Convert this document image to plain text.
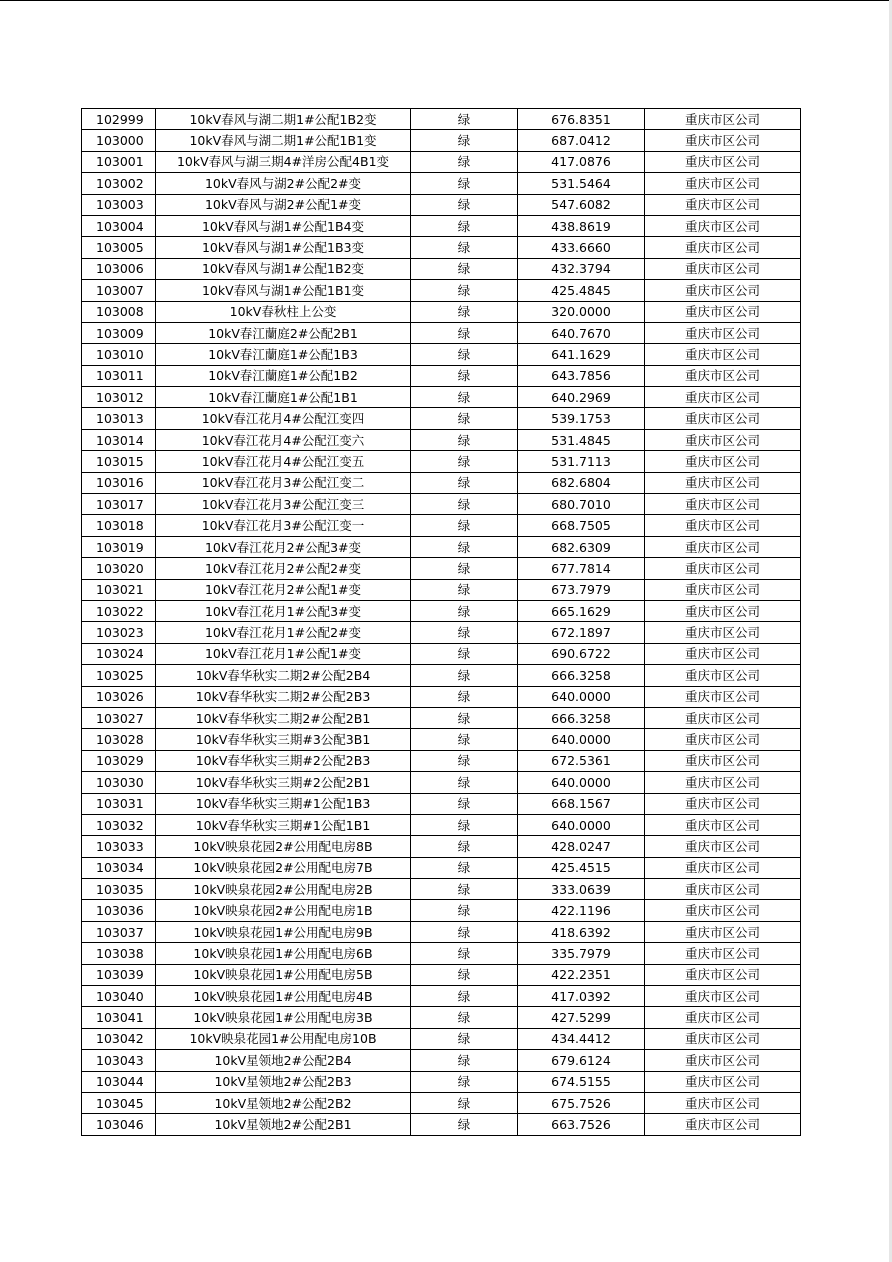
102999	10kV春风与湖二期1#公配1B2变	绿	676.8351	重庆市区公司
103000	10kV春风与湖二期1#公配1B1变	绿	687.0412	重庆市区公司
103001	10kV春风与湖三期4#洋房公配4B1变	绿	417.0876	重庆市区公司
103002	10kV春风与湖2#公配2#变	绿	531.5464	重庆市区公司
103003	10kV春风与湖2#公配1#变	绿	547.6082	重庆市区公司
103004	10kV春风与湖1#公配1B4变	绿	438.8619	重庆市区公司
103005	10kV春风与湖1#公配1B3变	绿	433.6660	重庆市区公司
103006	10kV春风与湖1#公配1B2变	绿	432.3794	重庆市区公司
103007	10kV春风与湖1#公配1B1变	绿	425.4845	重庆市区公司
103008	10kV春秋柱上公变	绿	320.0000	重庆市区公司
103009	10kV春江蘭庭2#公配2B1	绿	640.7670	重庆市区公司
103010	10kV春江蘭庭1#公配1B3	绿	641.1629	重庆市区公司
103011	10kV春江蘭庭1#公配1B2	绿	643.7856	重庆市区公司
103012	10kV春江蘭庭1#公配1B1	绿	640.2969	重庆市区公司
103013	10kV春江花月4#公配江变四	绿	539.1753	重庆市区公司
103014	10kV春江花月4#公配江变六	绿	531.4845	重庆市区公司
103015	10kV春江花月4#公配江变五	绿	531.7113	重庆市区公司
103016	10kV春江花月3#公配江变二	绿	682.6804	重庆市区公司
103017	10kV春江花月3#公配江变三	绿	680.7010	重庆市区公司
103018	10kV春江花月3#公配江变一	绿	668.7505	重庆市区公司
103019	10kV春江花月2#公配3#变	绿	682.6309	重庆市区公司
103020	10kV春江花月2#公配2#变	绿	677.7814	重庆市区公司
103021	10kV春江花月2#公配1#变	绿	673.7979	重庆市区公司
103022	10kV春江花月1#公配3#变	绿	665.1629	重庆市区公司
103023	10kV春江花月1#公配2#变	绿	672.1897	重庆市区公司
103024	10kV春江花月1#公配1#变	绿	690.6722	重庆市区公司
103025	10kV春华秋实二期2#公配2B4	绿	666.3258	重庆市区公司
103026	10kV春华秋实二期2#公配2B3	绿	640.0000	重庆市区公司
103027	10kV春华秋实二期2#公配2B1	绿	666.3258	重庆市区公司
103028	10kV春华秋实三期#3公配3B1	绿	640.0000	重庆市区公司
103029	10kV春华秋实三期#2公配2B3	绿	672.5361	重庆市区公司
103030	10kV春华秋实三期#2公配2B1	绿	640.0000	重庆市区公司
103031	10kV春华秋实三期#1公配1B3	绿	668.1567	重庆市区公司
103032	10kV春华秋实三期#1公配1B1	绿	640.0000	重庆市区公司
103033	10kV映泉花园2#公用配电房8B	绿	428.0247	重庆市区公司
103034	10kV映泉花园2#公用配电房7B	绿	425.4515	重庆市区公司
103035	10kV映泉花园2#公用配电房2B	绿	333.0639	重庆市区公司
103036	10kV映泉花园2#公用配电房1B	绿	422.1196	重庆市区公司
103037	10kV映泉花园1#公用配电房9B	绿	418.6392	重庆市区公司
103038	10kV映泉花园1#公用配电房6B	绿	335.7979	重庆市区公司
103039	10kV映泉花园1#公用配电房5B	绿	422.2351	重庆市区公司
103040	10kV映泉花园1#公用配电房4B	绿	417.0392	重庆市区公司
103041	10kV映泉花园1#公用配电房3B	绿	427.5299	重庆市区公司
103042	10kV映泉花园1#公用配电房10B	绿	434.4412	重庆市区公司
103043	10kV星领地2#公配2B4	绿	679.6124	重庆市区公司
103044	10kV星领地2#公配2B3	绿	674.5155	重庆市区公司
103045	10kV星领地2#公配2B2	绿	675.7526	重庆市区公司
103046	10kV星领地2#公配2B1	绿	663.7526	重庆市区公司
